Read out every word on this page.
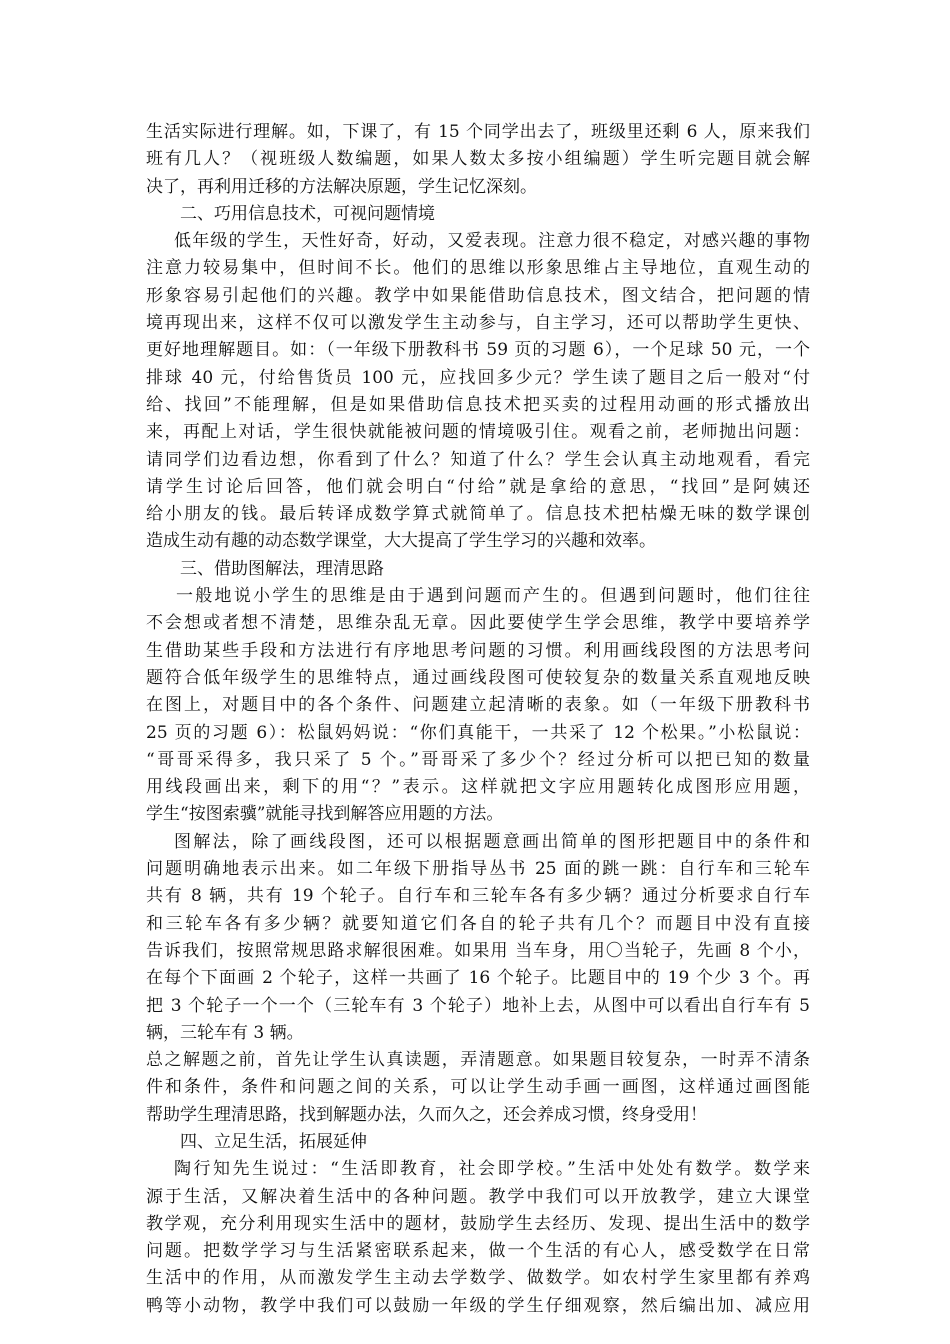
生活实际进行理解。如，下课了，有 15 个同学出去了，班级里还剩 6 人，原来我们
班有几人？（视班级人数编题，如果人数太多按小组编题）学生听完题目就会解
决了，再利用迁移的方法解决原题，学生记忆深刻。
二、巧用信息技术，可视问题情境
低年级的学生，天性好奇，好动，又爱表现。注意力很不稳定，对感兴趣的事物
注意力较易集中，但时间不长。他们的思维以形象思维占主导地位，直观生动的
形象容易引起他们的兴趣。教学中如果能借助信息技术，图文结合，把问题的情
境再现出来，这样不仅可以激发学生主动参与，自主学习，还可以帮助学生更快、
更好地理解题目。如：（一年级下册教科书 59 页的习题 6），一个足球 50 元，一个
排球 40 元，付给售货员 100 元，应找回多少元？学生读了题目之后一般对“付
给、找回”不能理解，但是如果借助信息技术把买卖的过程用动画的形式播放出
来，再配上对话，学生很快就能被问题的情境吸引住。观看之前，老师抛出问题：
请同学们边看边想，你看到了什么？知道了什么？学生会认真主动地观看，看完
请学生讨论后回答，他们就会明白“付给”就是拿给的意思，“找回”是阿姨还
给小朋友的钱。最后转译成数学算式就简单了。信息技术把枯燥无味的数学课创
造成生动有趣的动态数学课堂，大大提高了学生学习的兴趣和效率。
三、借助图解法，理清思路
一般地说小学生的思维是由于遇到问题而产生的。但遇到问题时，他们往往
不会想或者想不清楚，思维杂乱无章。因此要使学生学会思维，教学中要培养学
生借助某些手段和方法进行有序地思考问题的习惯。利用画线段图的方法思考问
题符合低年级学生的思维特点，通过画线段图可使较复杂的数量关系直观地反映
在图上，对题目中的各个条件、问题建立起清晰的表象。如（一年级下册教科书
25 页的习题 6）：松鼠妈妈说：“你们真能干，一共采了 12 个松果。”小松鼠说：
“哥哥采得多，我只采了 5 个。”哥哥采了多少个？经过分析可以把已知的数量
用线段画出来，剩下的用“？”表示。这样就把文字应用题转化成图形应用题，
学生“按图索骥”就能寻找到解答应用题的方法。
图解法，除了画线段图，还可以根据题意画出简单的图形把题目中的条件和
问题明确地表示出来。如二年级下册指导丛书 25 面的跳一跳：自行车和三轮车
共有 8 辆，共有 19 个轮子。自行车和三轮车各有多少辆？通过分析要求自行车
和三轮车各有多少辆？就要知道它们各自的轮子共有几个？而题目中没有直接
告诉我们，按照常规思路求解很困难。如果用 当车身，用〇当轮子，先画 8 个小，
在每个下面画 2 个轮子，这样一共画了 16 个轮子。比题目中的 19 个少 3 个。再
把 3 个轮子一个一个（三轮车有 3 个轮子）地补上去，从图中可以看出自行车有 5
辆，三轮车有 3 辆。
总之解题之前，首先让学生认真读题，弄清题意。如果题目较复杂，一时弄不清条
件和条件，条件和问题之间的关系，可以让学生动手画一画图，这样通过画图能
帮助学生理清思路，找到解题办法，久而久之，还会养成习惯，终身受用！
四、立足生活，拓展延伸
陶行知先生说过：“生活即教育，社会即学校。”生活中处处有数学。数学来
源于生活，又解决着生活中的各种问题。教学中我们可以开放教学，建立大课堂
教学观，充分利用现实生活中的题材，鼓励学生去经历、发现、提出生活中的数学
问题。把数学学习与生活紧密联系起来，做一个生活的有心人，感受数学在日常
生活中的作用，从而激发学生主动去学数学、做数学。如农村学生家里都有养鸡
鸭等小动物，教学中我们可以鼓励一年级的学生仔细观察，然后编出加、减应用
